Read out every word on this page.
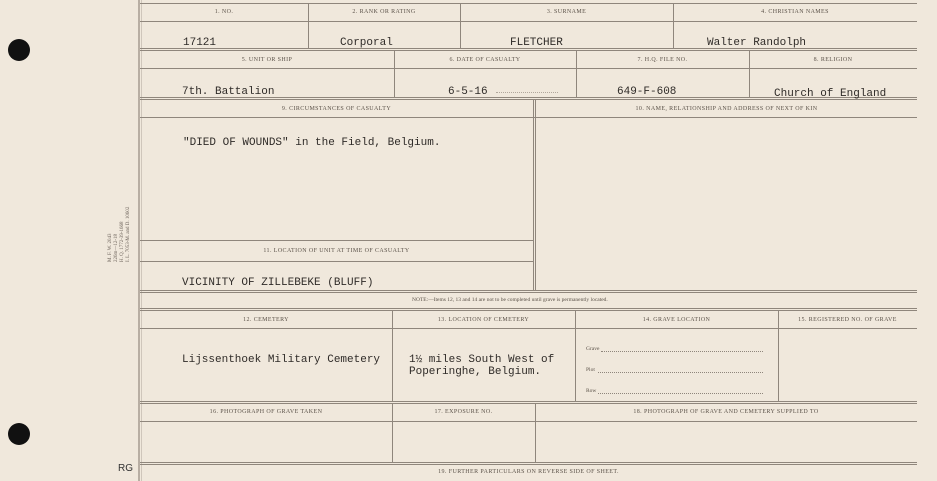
M. F. W. 2043 226m—12-18 H. Q. 1772-39-1668 I. L. 7053-M. and D. 10602
1. NO.	2. RANK OR RATING	3. SURNAME	4. CHRISTIAN NAMES
17121	Corporal	FLETCHER	Walter Randolph
5. UNIT OR SHIP	6. DATE OF CASUALTY	7. H.Q. FILE NO.	8. RELIGION
7th. Battalion	6-5-16	649-F-608	Church of England
9. CIRCUMSTANCES OF CASUALTY	10. NAME, RELATIONSHIP AND ADDRESS OF NEXT OF KIN
"DIED OF WOUNDS" in the Field, Belgium.
11. LOCATION OF UNIT AT TIME OF CASUALTY
VICINITY OF ZILLEBEKE (BLUFF)
NOTE:—Items 12, 13 and 14 are not to be completed until grave is permanently located.
12. CEMETERY	13. LOCATION OF CEMETERY	14. GRAVE LOCATION	15. REGISTERED NO. OF GRAVE
Lijssenthoek Military Cemetery	1½ miles South West of
Poperinghe, Belgium.
Grave
Plot
Row
16. PHOTOGRAPH OF GRAVE TAKEN	17. EXPOSURE NO.	18. PHOTOGRAPH OF GRAVE AND CEMETERY SUPPLIED TO
19. FURTHER PARTICULARS ON REVERSE SIDE OF SHEET.
RG
